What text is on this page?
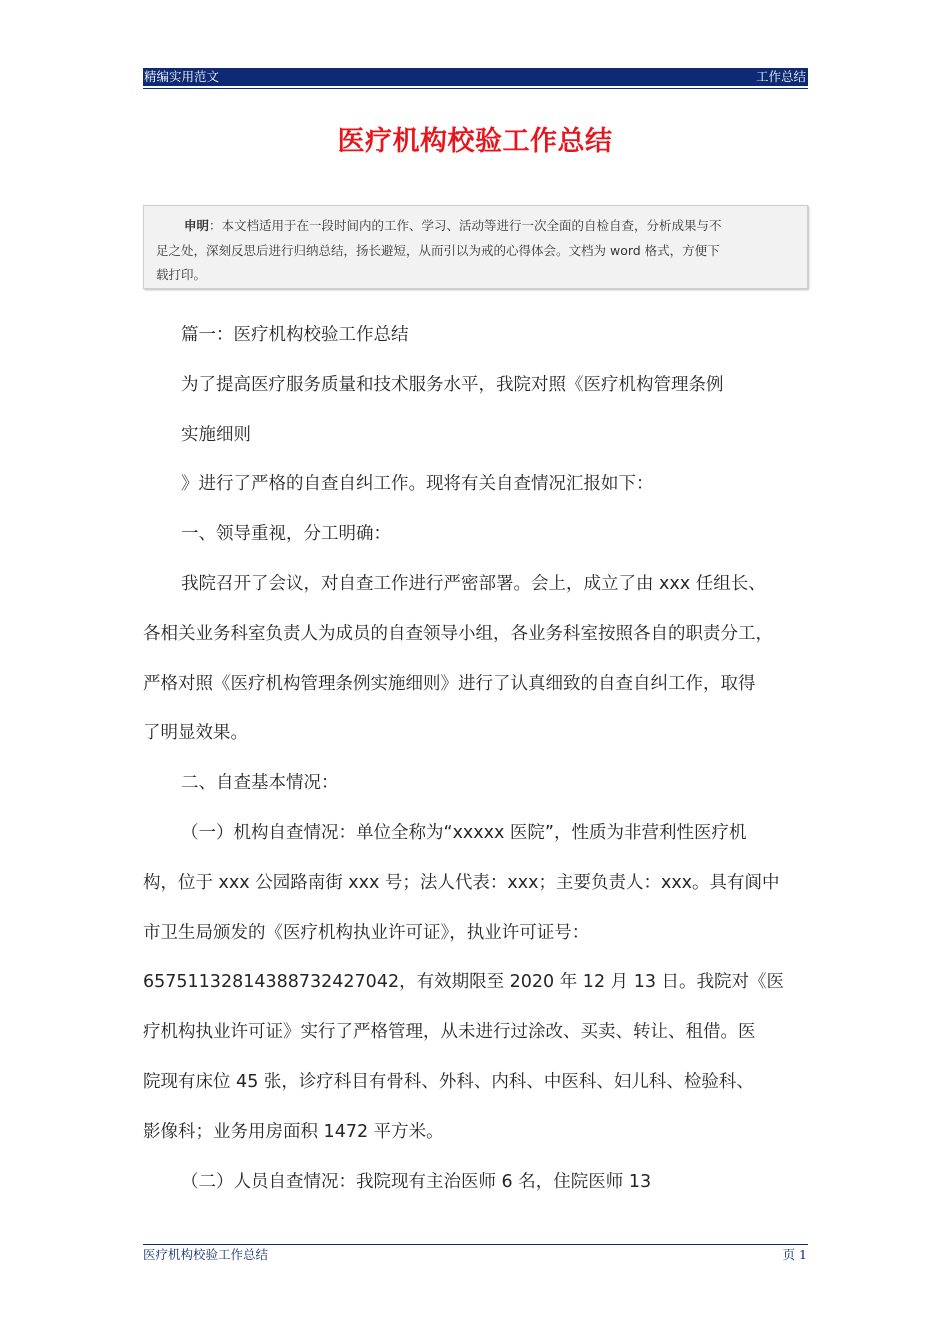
精编实用范文	工作总结
医疗机构校验工作总结
申明：本文档适用于在一段时间内的工作、学习、活动等进行一次全面的自检自查，分析成果与不
足之处，深刻反思后进行归纳总结，扬长避短，从而引以为戒的心得体会。文档为 word 格式，方便下
载打印。

篇一：医疗机构校验工作总结

为了提高医疗服务质量和技术服务水平，我院对照《医疗机构管理条例

实施细则

》进行了严格的自查自纠工作。现将有关自查情况汇报如下：

一、领导重视，分工明确：

我院召开了会议，对自查工作进行严密部署。会上，成立了由 xxx 任组长、

各相关业务科室负责人为成员的自查领导小组，各业务科室按照各自的职责分工，

严格对照《医疗机构管理条例实施细则》进行了认真细致的自查自纠工作，取得

了明显效果。

二、自查基本情况：

（一）机构自查情况：单位全称为“xxxxx 医院”，性质为非营利性医疗机

构，位于 xxx 公园路南街 xxx 号；法人代表：xxx；主要负责人：xxx。具有阆中

市卫生局颁发的《医疗机构执业许可证》，执业许可证号：

65751132814388732427042，有效期限至 2020 年 12 月 13 日。我院对《医

疗机构执业许可证》实行了严格管理，从未进行过涂改、买卖、转让、租借。医

院现有床位 45 张，诊疗科目有骨科、外科、内科、中医科、妇儿科、检验科、

影像科；业务用房面积 1472 平方米。

（二）人员自查情况：我院现有主治医师 6 名，住院医师 13

医疗机构校验工作总结	页 1
